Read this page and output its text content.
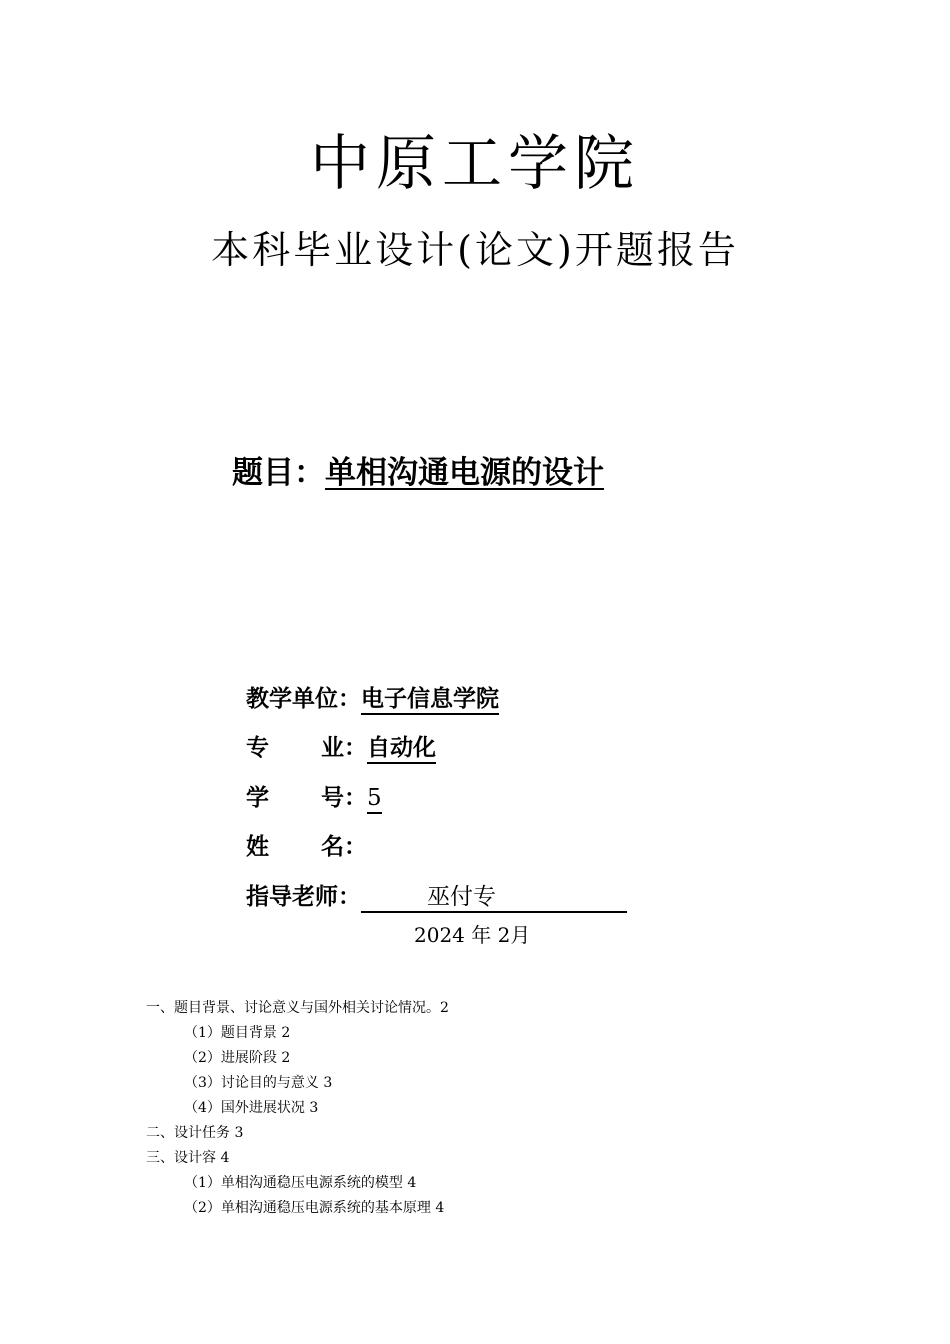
中原工学院
本科毕业设计(论文)开题报告
题目：单相沟通电源的设计
教学单位：电子信息学院
专 业：自动化
学 号：5
姓 名：
指导老师：	巫付专
2024 年 2月
一、题目背景、讨论意义与国外相关讨论情况。2
（1）题目背景 2
（2）进展阶段 2
（3）讨论目的与意义 3
（4）国外进展状况 3
二、设计任务 3
三、设计容 4
（1）单相沟通稳压电源系统的模型 4
（2）单相沟通稳压电源系统的基本原理 4
